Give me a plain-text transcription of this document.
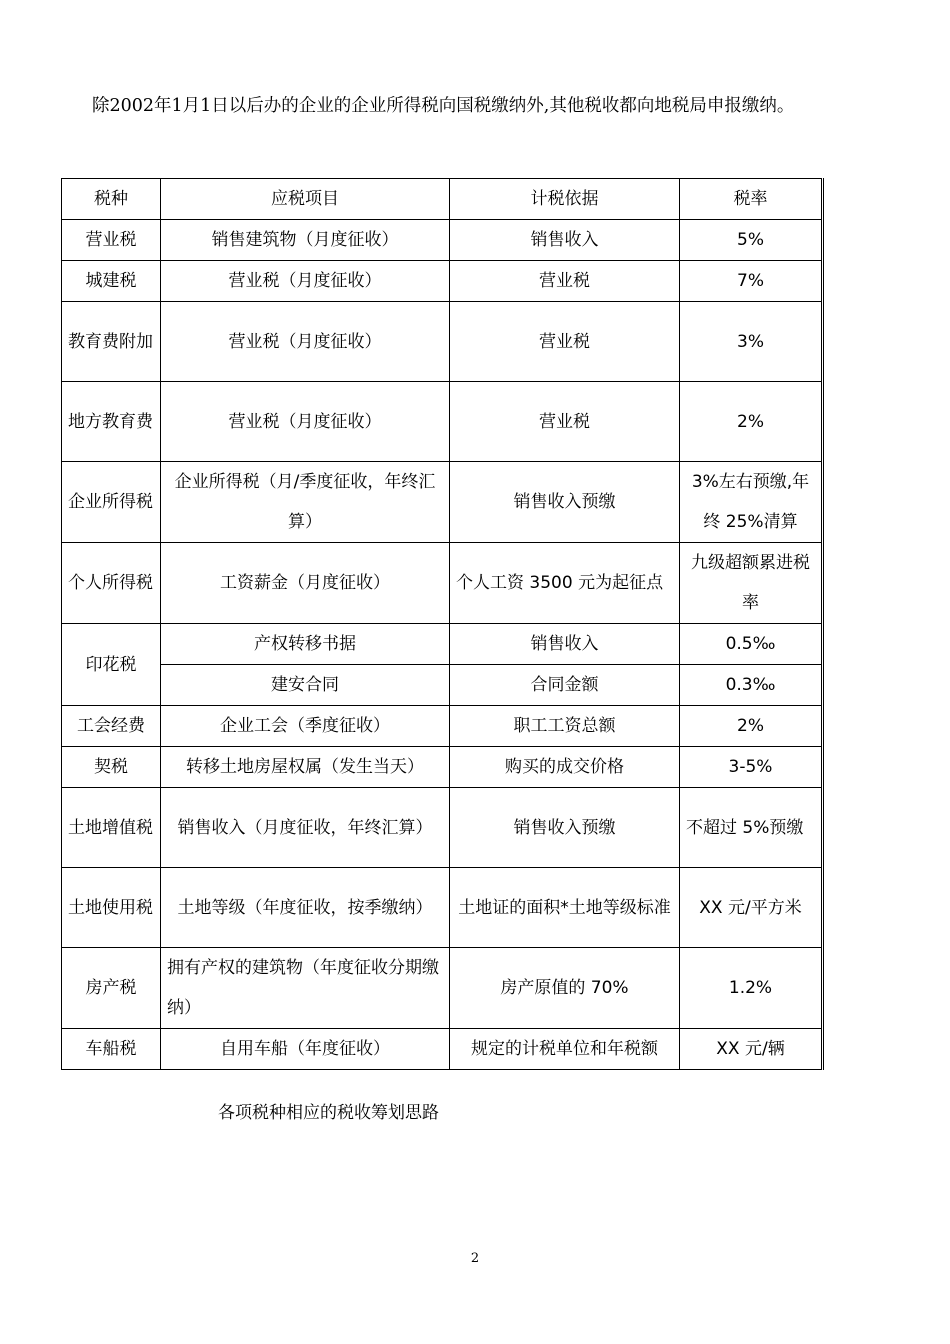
除2002年1月1日以后办的企业的企业所得税向国税缴纳外,其他税收都向地税局申报缴纳。
税种	应税项目	计税依据	税率
营业税	销售建筑物（月度征收）	销售收入	5%
城建税	营业税（月度征收）	营业税	7%
教育费附加	营业税（月度征收）	营业税	3%
地方教育费	营业税（月度征收）	营业税	2%
企业所得税	企业所得税（月/季度征收，年终汇算）	销售收入预缴	3%左右预缴,年终 25%清算
个人所得税	工资薪金（月度征收）	个人工资 3500 元为起征点	九级超额累进税率
印花税	产权转移书据	销售收入	0.5‰
	建安合同	合同金额	0.3‰
工会经费	企业工会（季度征收）	职工工资总额	2%
契税	转移土地房屋权属（发生当天）	购买的成交价格	3-5%
土地增值税	销售收入（月度征收，年终汇算）	销售收入预缴	不超过 5%预缴
土地使用税	土地等级（年度征收，按季缴纳）	土地证的面积*土地等级标准	XX 元/平方米
房产税	拥有产权的建筑物（年度征收分期缴纳）	房产原值的 70%	1.2%
车船税	自用车船（年度征收）	规定的计税单位和年税额	XX 元/辆
各项税种相应的税收筹划思路
2
